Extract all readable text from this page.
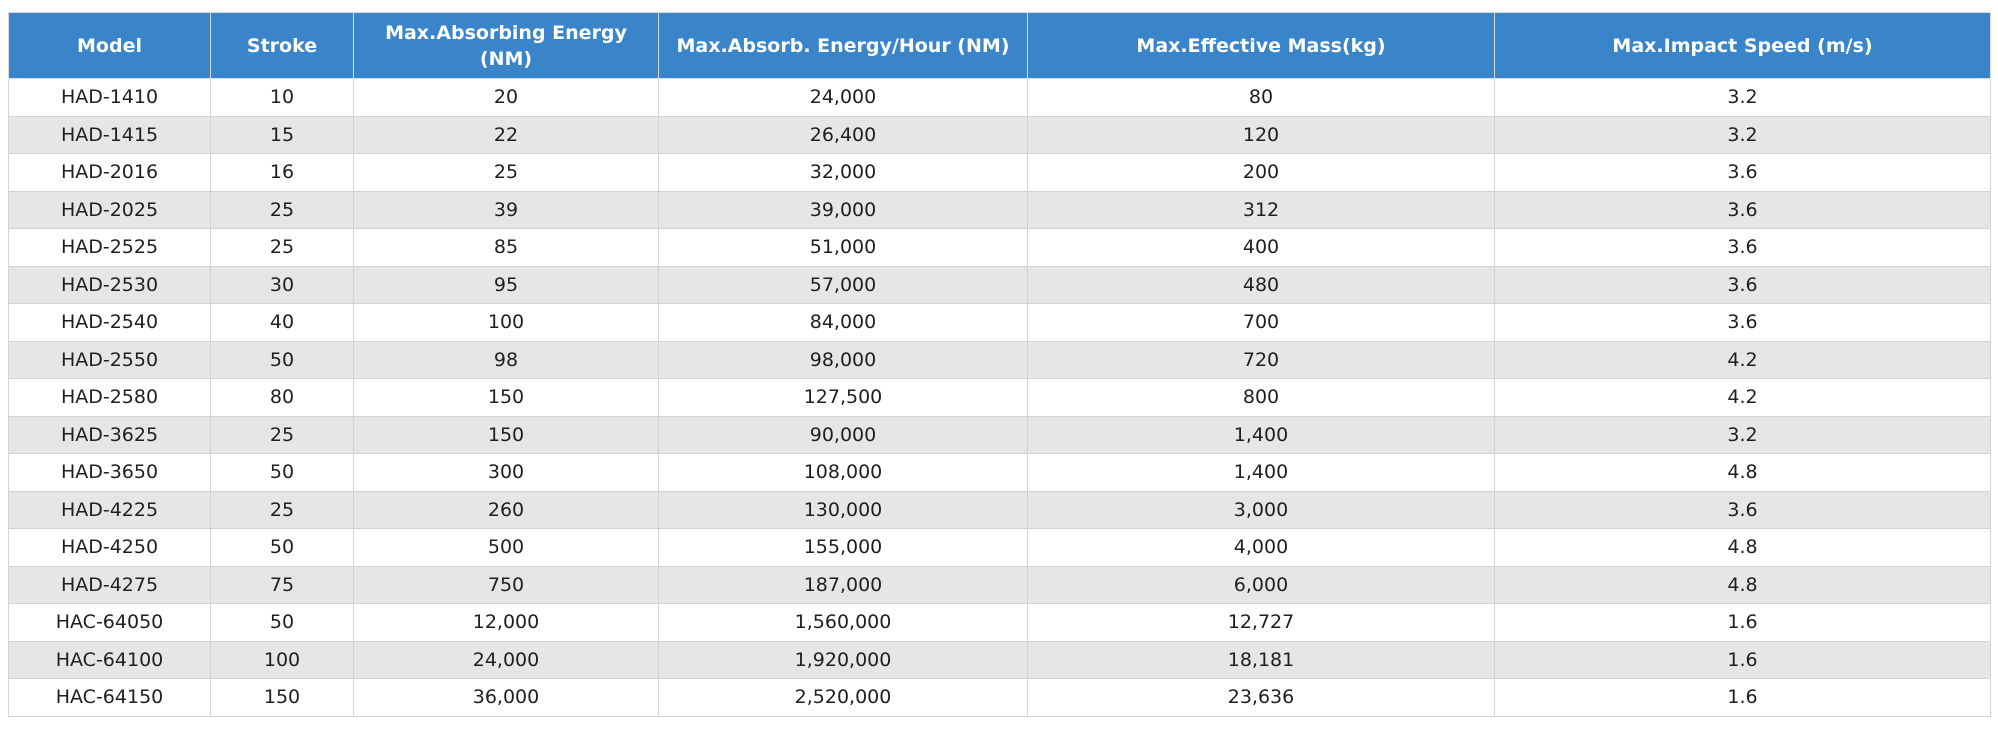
Model	Stroke	Max.Absorbing Energy (NM)	Max.Absorb. Energy/Hour (NM)	Max.Effective Mass(kg)	Max.Impact Speed (m/s)
HAD-1410	10	20	24,000	80	3.2
HAD-1415	15	22	26,400	120	3.2
HAD-2016	16	25	32,000	200	3.6
HAD-2025	25	39	39,000	312	3.6
HAD-2525	25	85	51,000	400	3.6
HAD-2530	30	95	57,000	480	3.6
HAD-2540	40	100	84,000	700	3.6
HAD-2550	50	98	98,000	720	4.2
HAD-2580	80	150	127,500	800	4.2
HAD-3625	25	150	90,000	1,400	3.2
HAD-3650	50	300	108,000	1,400	4.8
HAD-4225	25	260	130,000	3,000	3.6
HAD-4250	50	500	155,000	4,000	4.8
HAD-4275	75	750	187,000	6,000	4.8
HAC-64050	50	12,000	1,560,000	12,727	1.6
HAC-64100	100	24,000	1,920,000	18,181	1.6
HAC-64150	150	36,000	2,520,000	23,636	1.6
